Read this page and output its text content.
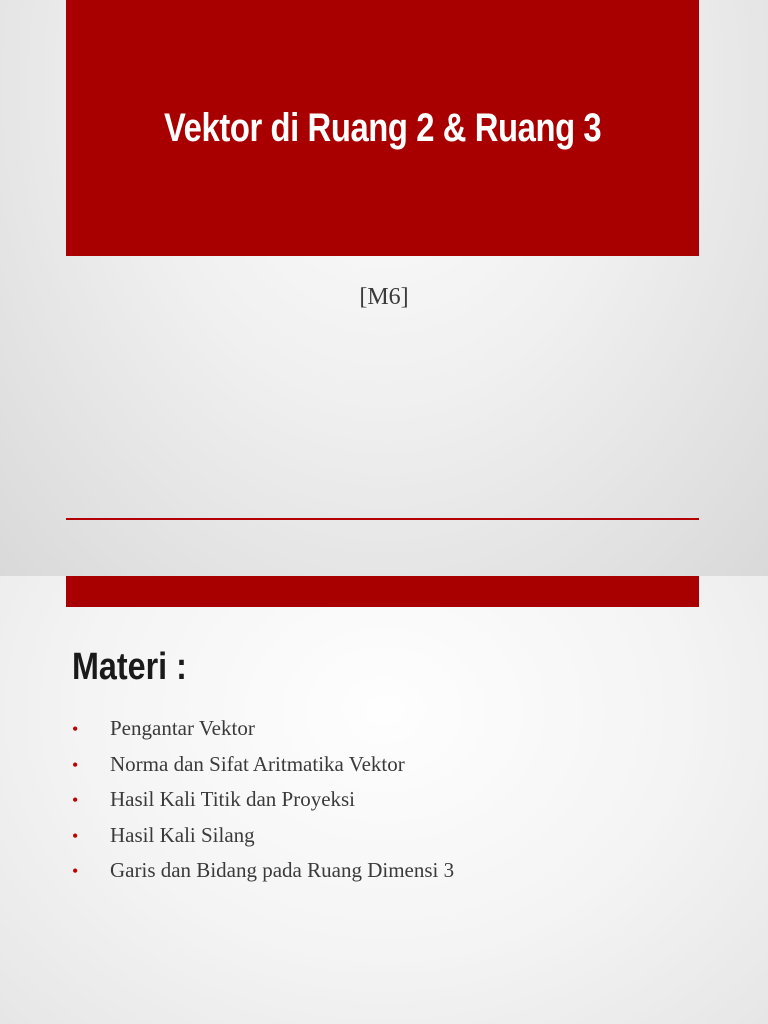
Vektor di Ruang 2 & Ruang 3
[M6]
Materi :
•	Pengantar Vektor
•	Norma dan Sifat Aritmatika Vektor
•	Hasil Kali Titik dan Proyeksi
•	Hasil Kali Silang
•	Garis dan Bidang pada Ruang Dimensi 3
